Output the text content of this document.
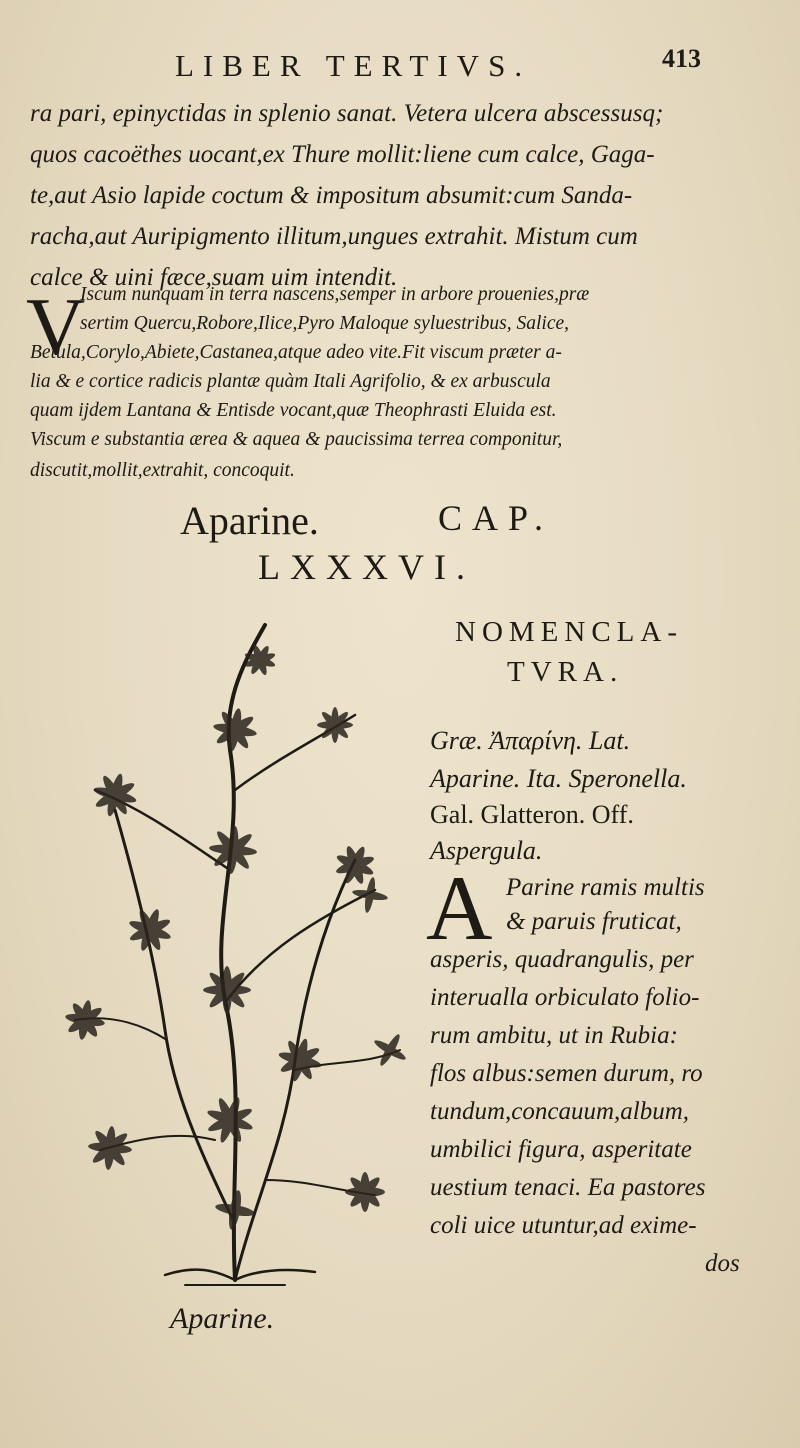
LIBER TERTIVS.	413
ra pari, epinyctidas in splenio sanat. Vetera ulcera abscessusq;
quos cacoëthes uocant,ex Thure mollit:liene cum calce, Gaga-
te,aut Asio lapide coctum & impositum absumit:cum Sanda-
racha,aut Auripigmento illitum,ungues extrahit. Mistum cum
calce & uini fæce,suam uim intendit.
V
Iscum nunquam in terra nascens,semper in arbore prouenies,præ
sertim Quercu,Robore,Ilice,Pyro Maloque syluestribus, Salice,
Betula,Corylo,Abiete,Castanea,atque adeo vite.Fit viscum præter a-
lia & e cortice radicis plantæ quàm Itali Agrifolio, & ex arbuscula
quam ijdem Lantana & Entisde vocant,quæ Theophrasti Eluida est.
Viscum e substantia ærea & aquea & paucissima terrea componitur,
discutit,mollit,extrahit, concoquit.
Aparine.	CAP.
LXXXVI.
NOMENCLA-
TVRA.
Græ. Ἀπαρίνη. Lat.
Aparine. Ita. Speronella.
Gal. Glatteron. Off.
Aspergula.
A Parine ramis multis
& paruis fruticat,
asperis, quadrangulis, per
interualla orbiculato folio-
rum ambitu, ut in Rubia:
flos albus:semen durum, ro
tundum,concauum,album,
umbilici figura, asperitate
uestium tenaci. Ea pastores
coli uice utuntur,ad exime-
dos
Aparine.
